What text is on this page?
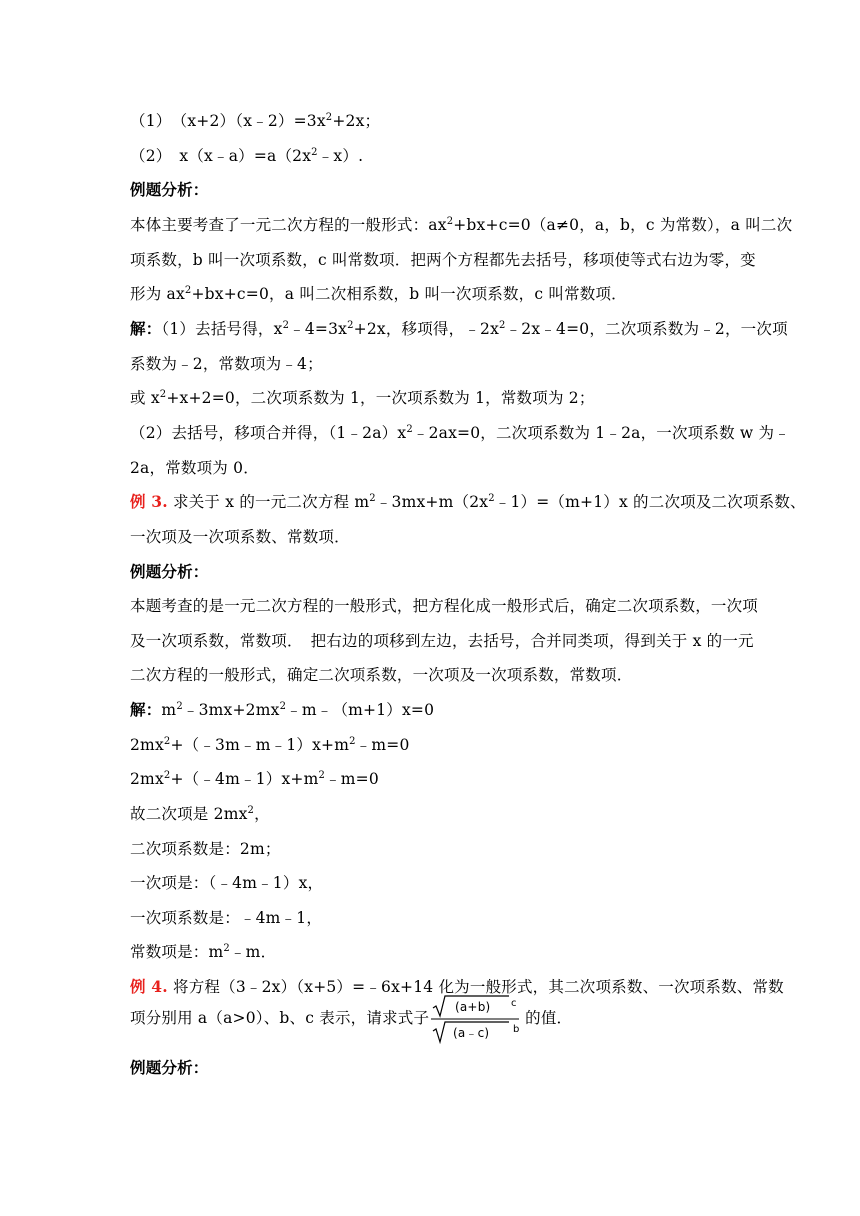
（1）　$(x+2)(x﹣2)=3x^2+2x$；
（2）　$x(x﹣a)=a(2x^2﹣x)$.
例题分析：
本体主要考查了一元二次方程的一般形式：$ax^2+bx+c=0(a\ne 0$，a，b，c 为常数），a 叫二次
项系数，b 叫一次项系数，c 叫常数项．把两个方程都先去括号，移项使等式右边为零，变
形为 $ax^2+bx+c=0$，a 叫二次相系数，b 叫一次项系数，c 叫常数项．
解：（1）去括号得，$x^2﹣4=3x^2+2x$，移项得，$﹣2x^2﹣2x﹣4=0$，二次项系数为﹣2，一次项
系数为﹣2，常数项为﹣4；
或 $x^2+x+2=0$，二次项系数为 1，一次项系数为 1，常数项为 2；
（2）去括号，移项合并得，$(1﹣2a)x^2﹣2ax=0$，二次项系数为 1﹣2a，一次项系数 w 为﹣
2a，常数项为 0．
例 3. 求关于 x 的一元二次方程 $m^2﹣3mx+m(2x^2﹣1)=(m+1)x$ 的二次项及二次项系数、
一次项及一次项系数、常数项．
例题分析：
本题考查的是一元二次方程的一般形式，把方程化成一般形式后，确定二次项系数，一次项
及一次项系数，常数项．　把右边的项移到左边，去括号，合并同类项，得到关于 x 的一元
二次方程的一般形式，确定二次项系数，一次项及一次项系数，常数项．
解：$m^2﹣3mx+2mx^2﹣m﹣(m+1)x=0$
$2mx^2+(﹣3m﹣m﹣1)x+m^2﹣m=0$
$2mx^2+(﹣4m﹣1)x+m^2﹣m=0$
故二次项是 $2mx^2$，
二次项系数是：2m；
一次项是：（﹣4m﹣1）x，
一次项系数是：﹣4m﹣1，
常数项是：$m^2﹣m$．
例 4. 将方程（3﹣2x）（x+5）=﹣6x+14 化为一般形式，其二次项系数、一次项系数、常数
项分别用 a（a>0）、b、c 表示，请求式子
(a+b) c
(a﹣c) b
的值．
例题分析：
